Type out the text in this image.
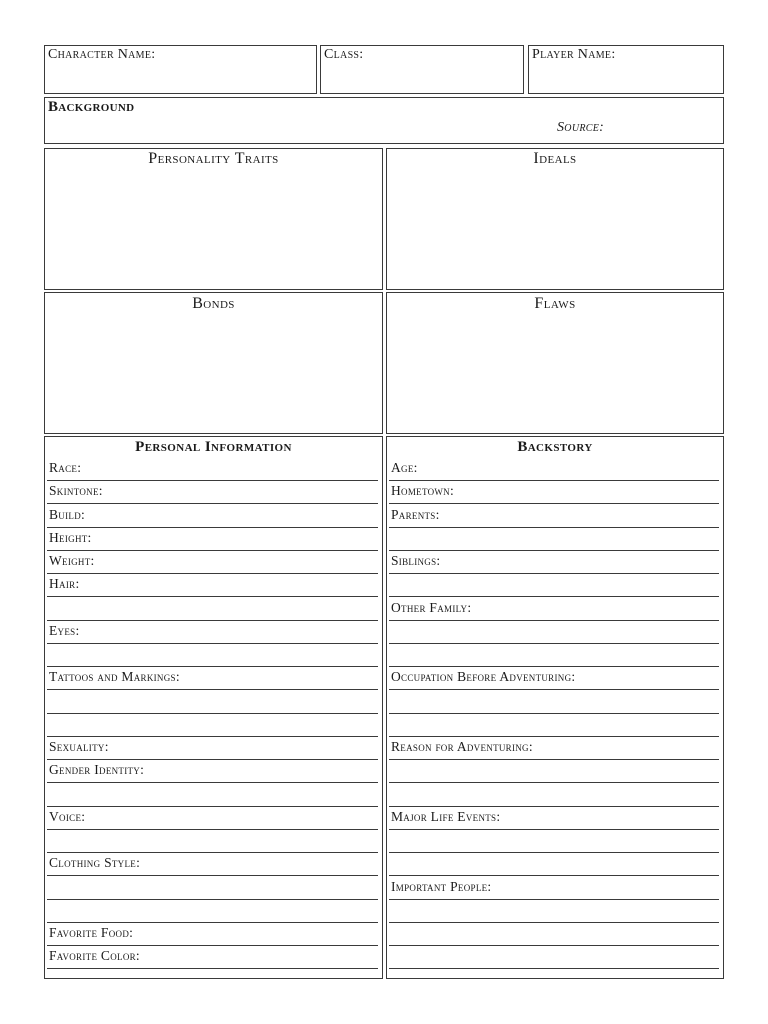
Character Name:	Class:	Player Name:
Background
Source:
Personality Traits	Ideals
Bonds	Flaws
Personal Information
Race:
Skintone:
Build:
Height:
Weight:
Hair:
Eyes:
Tattoos and Markings:
Sexuality:
Gender Identity:
Voice:
Clothing Style:
Favorite Food:
Favorite Color:
Backstory
Age:
Hometown:
Parents:
Siblings:
Other Family:
Occupation Before Adventuring:
Reason for Adventuring:
Major Life Events:
Important People:
